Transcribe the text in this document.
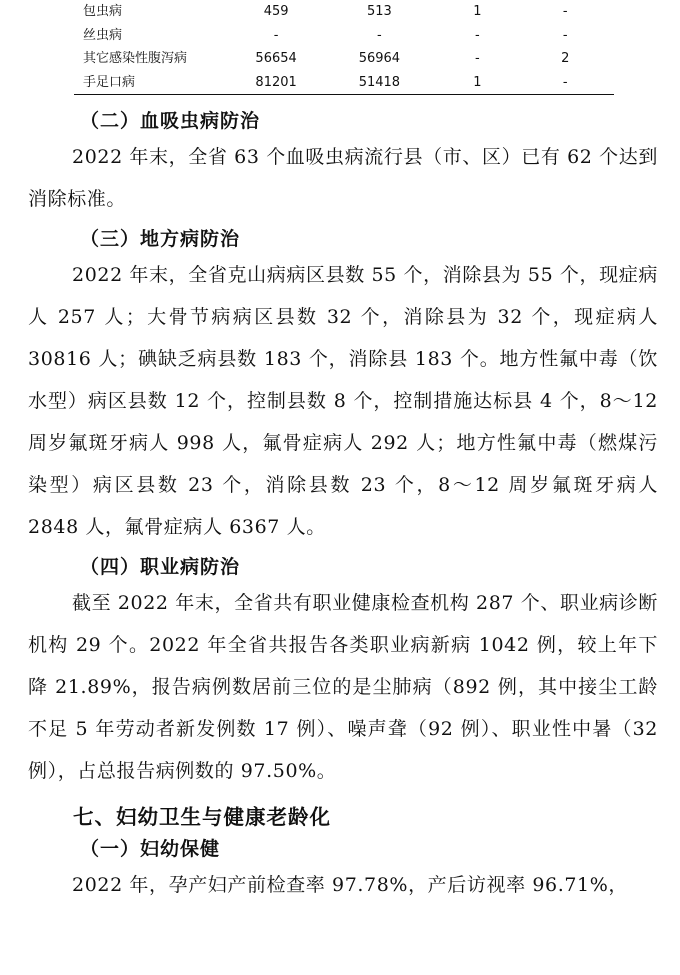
包虫病	459	513	1	-
丝虫病	-	-	-	-
其它感染性腹泻病	56654	56964	-	2
手足口病	81201	51418	1	-
（二）血吸虫病防治

2022 年末，全省 63 个血吸虫病流行县（市、区）已有 62 个达到消除标准。

（三）地方病防治

2022 年末，全省克山病病区县数 55 个，消除县为 55 个，现症病人 257 人；大骨节病病区县数 32 个，消除县为 32 个，现症病人 30816 人；碘缺乏病县数 183 个，消除县 183 个。地方性氟中毒（饮水型）病区县数 12 个，控制县数 8 个，控制措施达标县 4 个，8～12 周岁氟斑牙病人 998 人，氟骨症病人 292 人；地方性氟中毒（燃煤污染型）病区县数 23 个，消除县数 23 个，8～12 周岁氟斑牙病人 2848 人，氟骨症病人 6367 人。

（四）职业病防治

截至 2022 年末，全省共有职业健康检查机构 287 个、职业病诊断机构 29 个。2022 年全省共报告各类职业病新病 1042 例，较上年下降 21.89%，报告病例数居前三位的是尘肺病（892 例，其中接尘工龄不足 5 年劳动者新发例数 17 例）、噪声聋（92 例）、职业性中暑（32 例），占总报告病例数的 97.50%。

七、妇幼卫生与健康老龄化
（一）妇幼保健

2022 年，孕产妇产前检查率 97.78%，产后访视率 96.71%，
